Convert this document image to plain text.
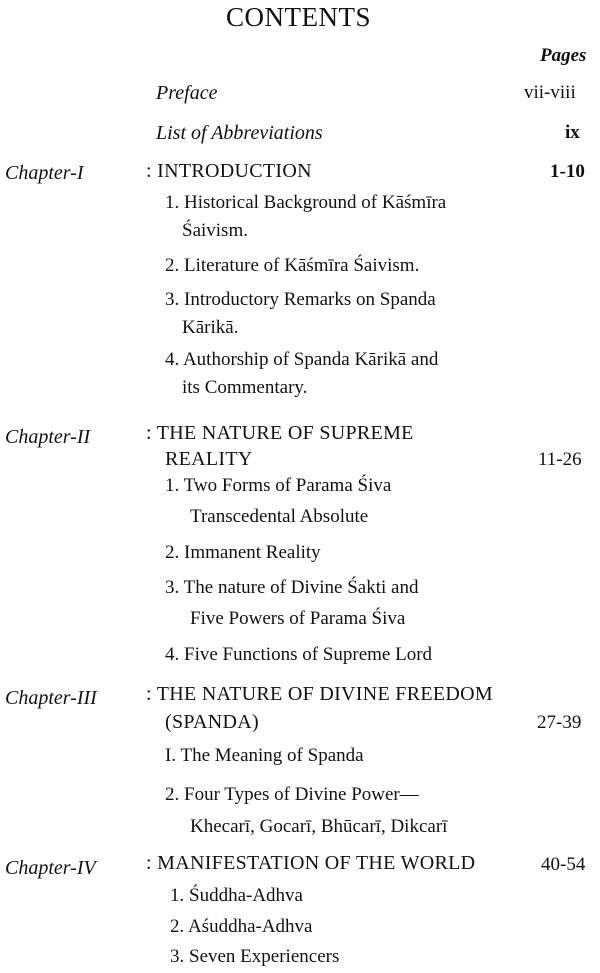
CONTENTS
Pages
Preface	vii-viii
List of Abbreviations	ix
Chapter-I	: INTRODUCTION	1-10
1. Historical Background of Kāśmīra
Śaivism.
2. Literature of Kāśmīra Śaivism.
3. Introductory Remarks on Spanda
Kārikā.
4. Authorship of Spanda Kārikā and
its Commentary.
Chapter-II	: THE NATURE OF SUPREME
REALITY	11-26
1. Two Forms of Parama Śiva
Transcedental Absolute
2. Immanent Reality
3. The nature of Divine Śakti and
Five Powers of Parama Śiva
4. Five Functions of Supreme Lord
Chapter-III : THE NATURE OF DIVINE FREEDOM
(SPANDA)	27-39
I. The Meaning of Spanda
2. Four Types of Divine Power—
Khecarī, Gocarī, Bhūcarī, Dikcarī
Chapter-IV	: MANIFESTATION OF THE WORLD	40-54
1. Śuddha-Adhva
2. Aśuddha-Adhva
3. Seven Experiencers
